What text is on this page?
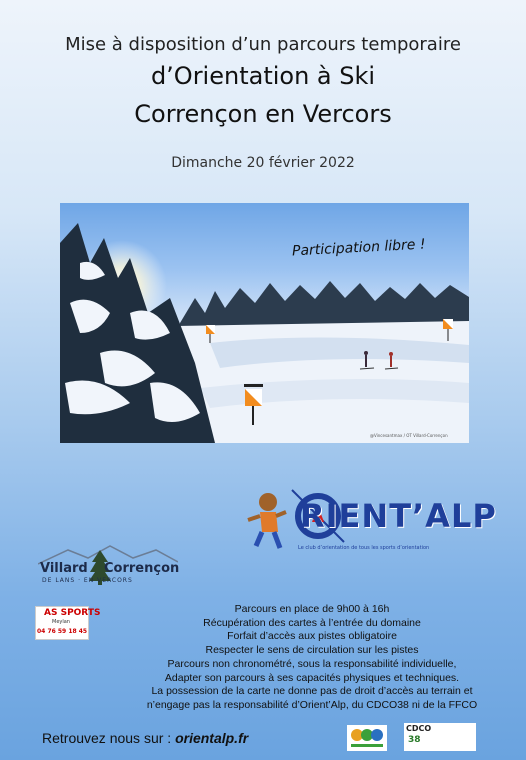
Mise à disposition d’un parcours temporaire
d’Orientation à Ski
Corrençon en Vercors
Dimanche 20 février 2022
Participation libre !
@Vincesantmax / OT Villard-Corrençon
RIENT’ALP
Le club d’orientation de tous les sports d’orientation
Villard Corrençon
DE LANS · EN VERCORS
AS SPORTS
Meylan
04 76 59 18 45
Parcours en place de 9h00 à 16h
Récupération des cartes à l’entrée du domaine
Forfait d’accès aux pistes obligatoire
Respecter le sens de circulation sur les pistes
Parcours non chronométré, sous la responsabilité individuelle,
Adapter son parcours à ses capacités physiques et techniques.
La possession de la carte ne donne pas de droit d’accès au terrain et
n’engage pas la responsabilité d’Orient’Alp, du CDCO38 ni de la FFCO
Retrouvez nous sur : orientalp.fr
CDCO
38
